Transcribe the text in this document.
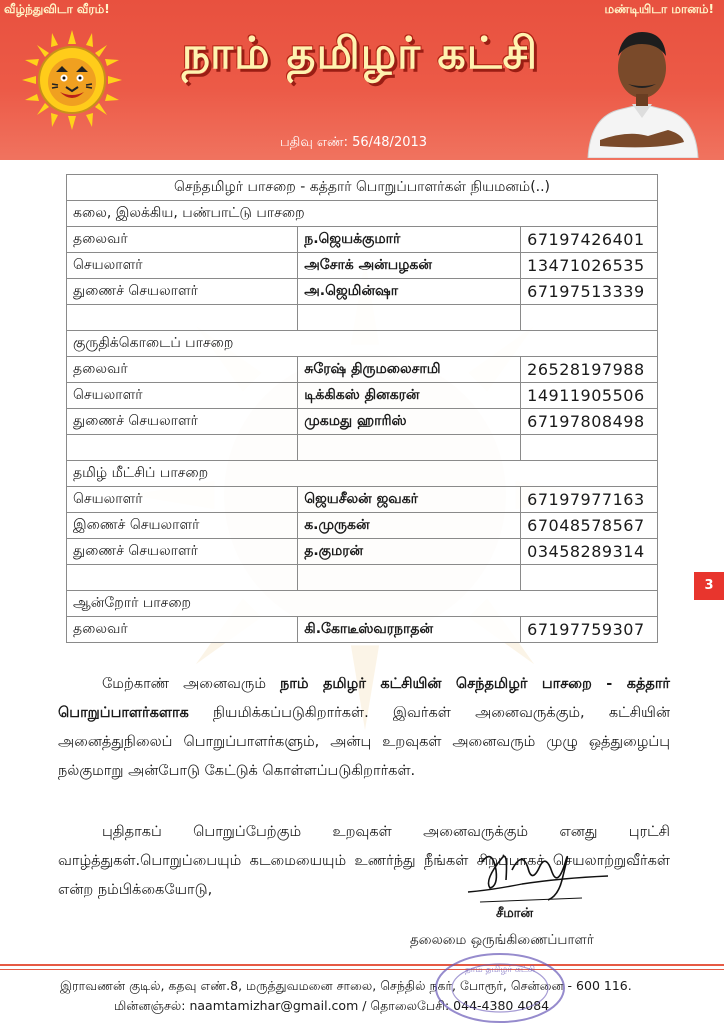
வீழ்ந்துவிடா வீரம்!	மண்டியிடா மானம்!
நாம் தமிழர் கட்சி
பதிவு எண்: 56/48/2013
செந்தமிழர் பாசறை - கத்தார் பொறுப்பாளர்கள் நியமனம்(..)		
கலை, இலக்கிய, பண்பாட்டு பாசறை		
தலைவர்	ந.ஜெயக்குமார்	67197426401
செயலாளர்	அசோக் அன்பழகன்	13471026535
துணைச் செயலாளர்	அ.ஜெமின்ஷா	67197513339

குருதிக்கொடைப் பாசறை		
தலைவர்	சுரேஷ் திருமலைசாமி	26528197988
செயலாளர்	டிக்கிகஸ் தினகரன்	14911905506
துணைச் செயலாளர்	முகமது ஹாரிஸ்	67197808498

தமிழ் மீட்சிப் பாசறை		
செயலாளர்	ஜெயசீலன் ஜவகர்	67197977163
இணைச் செயலாளர்	க.முருகன்	67048578567
துணைச் செயலாளர்	த.குமரன்	03458289314

ஆன்றோர் பாசறை		
தலைவர்	கி.கோடீஸ்வரநாதன்	67197759307
3
மேற்காண் அனைவரும் நாம் தமிழர் கட்சியின் செந்தமிழர் பாசறை - கத்தார் பொறுப்பாளர்களாக நியமிக்கப்படுகிறார்கள். இவர்கள் அனைவருக்கும், கட்சியின் அனைத்துநிலைப் பொறுப்பாளர்களும், அன்பு உறவுகள் அனைவரும் முழு ஒத்துழைப்பு நல்குமாறு அன்போடு கேட்டுக் கொள்ளப்படுகிறார்கள்.
புதிதாகப் பொறுப்பேற்கும் உறவுகள் அனைவருக்கும் எனது புரட்சி வாழ்த்துகள்.பொறுப்பையும் கடமையையும் உணர்ந்து நீங்கள் சிறப்பாகச் செயலாற்றுவீர்கள் என்ற நம்பிக்கையோடு,
சீமான்
தலைமை ஒருங்கிணைப்பாளர்
இராவணன் குடில், கதவு எண்.8, மருத்துவமனை சாலை, செந்தில் நகர், போரூர், சென்னை - 600 116.
மின்னஞ்சல்: naamtamizhar@gmail.com / தொலைபேசி: 044-4380 4084
நாம் தமிழர் கட்சி
